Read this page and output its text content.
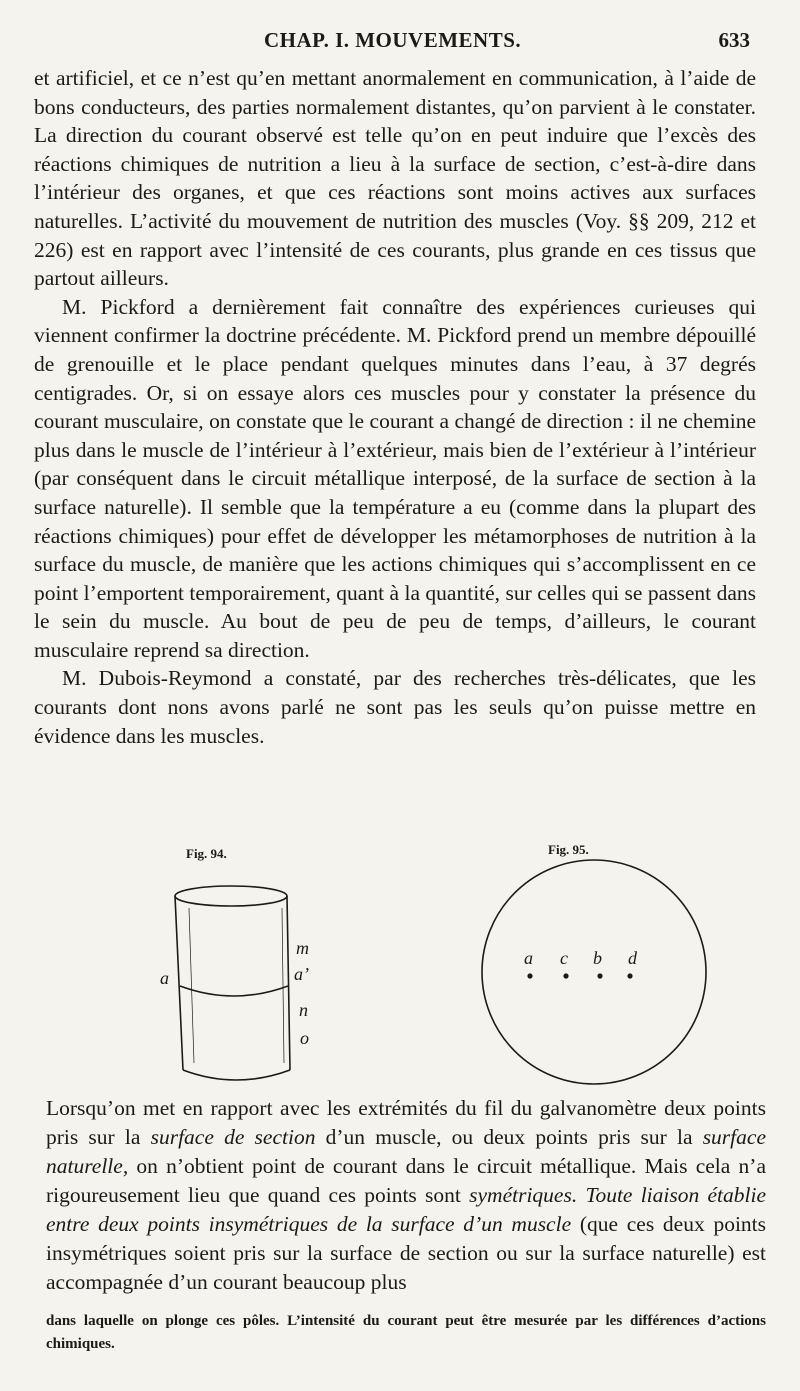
CHAP. I. MOUVEMENTS.	633

et artificiel, et ce n’est qu’en mettant anormalement en communication, à l’aide de bons conducteurs, des parties normalement distantes, qu’on parvient à le constater. La direction du courant observé est telle qu’on en peut induire que l’excès des réactions chimiques de nutrition a lieu à la surface de section, c’est-à-dire dans l’intérieur des organes, et que ces réactions sont moins actives aux surfaces naturelles. L’activité du mouvement de nutrition des muscles (Voy. §§ 209, 212 et 226) est en rapport avec l’intensité de ces courants, plus grande en ces tissus que partout ailleurs.

M. Pickford a dernièrement fait connaître des expériences curieuses qui viennent confirmer la doctrine précédente. M. Pickford prend un membre dépouillé de grenouille et le place pendant quelques minutes dans l’eau, à 37 degrés centigrades. Or, si on essaye alors ces muscles pour y constater la présence du courant musculaire, on constate que le courant a changé de direction : il ne chemine plus dans le muscle de l’intérieur à l’extérieur, mais bien de l’extérieur à l’intérieur (par conséquent dans le circuit métallique interposé, de la surface de section à la surface naturelle). Il semble que la température a eu (comme dans la plupart des réactions chimiques) pour effet de développer les métamorphoses de nutrition à la surface du muscle, de manière que les actions chimiques qui s’accomplissent en ce point l’emportent temporairement, quant à la quantité, sur celles qui se passent dans le sein du muscle. Au bout de peu de peu de temps, d’ailleurs, le courant musculaire reprend sa direction.

M. Dubois-Reymond a constaté, par des recherches très-délicates, que les courants dont nons avons parlé ne sont pas les seuls qu’on puisse mettre en évidence dans les muscles.

Fig. 94.	Fig. 95.
a
m
a’
n
o
a c b d

Lorsqu’on met en rapport avec les extrémités du fil du galvanomètre deux points pris sur la surface de section d’un muscle, ou deux points pris sur la surface naturelle, on n’obtient point de courant dans le circuit métallique. Mais cela n’a rigoureusement lieu que quand ces points sont symétriques. Toute liaison établie entre deux points insymétriques de la surface d’un muscle (que ces deux points insymétriques soient pris sur la surface de section ou sur la surface naturelle) est accompagnée d’un courant beaucoup plus

dans laquelle on plonge ces pôles. L’intensité du courant peut être mesurée par les différences d’actions chimiques.
